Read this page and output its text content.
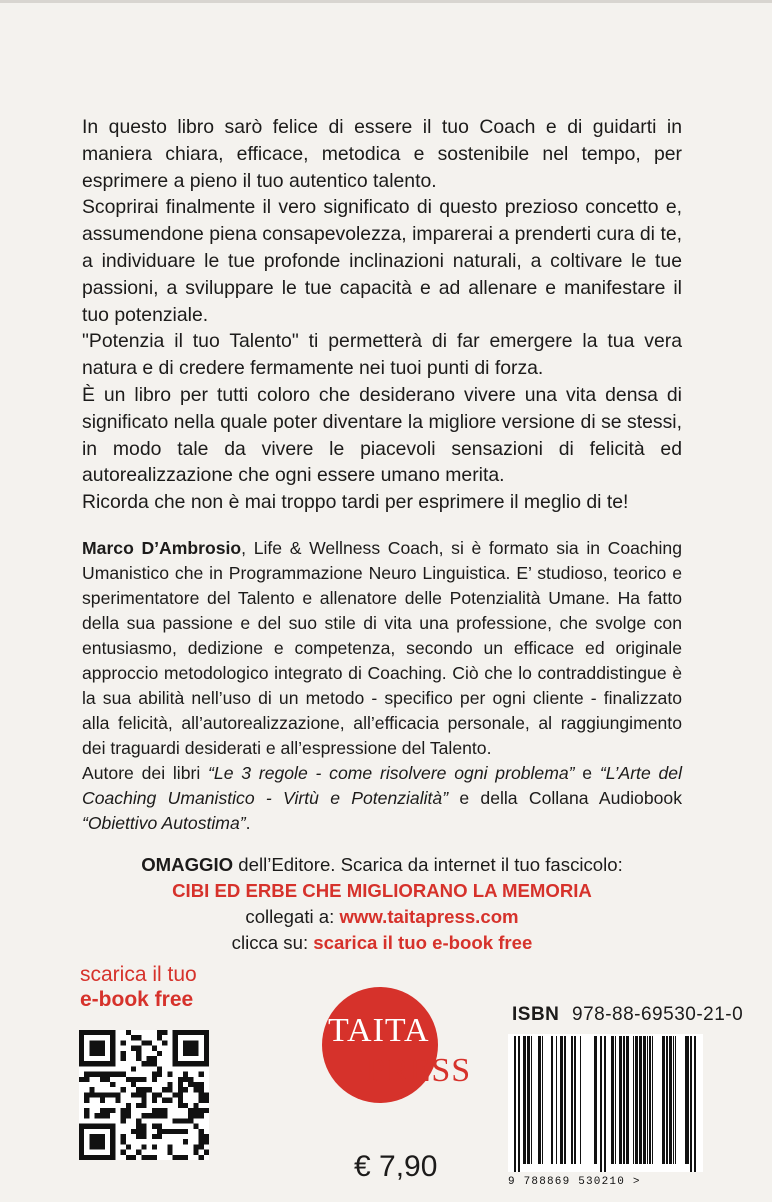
In questo libro sarò felice di essere il tuo Coach e di guidarti in maniera chiara, efficace, metodica e sostenibile nel tempo, per esprimere a pieno il tuo autentico talento.

Scoprirai finalmente il vero significato di questo prezioso concetto e, assumendone piena consapevolezza, imparerai a prenderti cura di te, a individuare le tue profonde inclinazioni naturali, a coltivare le tue passioni, a sviluppare le tue capacità e ad allenare e manifestare il tuo potenziale.

"Potenzia il tuo Talento" ti permetterà di far emergere la tua vera natura e di credere fermamente nei tuoi punti di forza.

È un libro per tutti coloro che desiderano vivere una vita densa di significato nella quale poter diventare la migliore versione di se stessi, in modo tale da vivere le piacevoli sensazioni di felicità ed autorealizzazione che ogni essere umano merita.

Ricorda che non è mai troppo tardi per esprimere il meglio di te!

Marco D’Ambrosio, Life & Wellness Coach, si è formato sia in Coaching Umanistico che in Programmazione Neuro Linguistica. E’ studioso, teorico e sperimentatore del Talento e allenatore delle Potenzialità Umane. Ha fatto della sua passione e del suo stile di vita una professione, che svolge con entusiasmo, dedizione e competenza, secondo un efficace ed originale approccio metodologico integrato di Coaching. Ciò che lo contraddistingue è la sua abilità nell’uso di un metodo - specifico per ogni cliente - finalizzato alla felicità, all’autorealizzazione, all’efficacia personale, al raggiungimento dei traguardi desiderati e all’espressione del Talento.

Autore dei libri “Le 3 regole - come risolvere ogni problema” e “L’Arte del Coaching Umanistico - Virtù e Potenzialità” e della Collana Audiobook “Obiettivo Autostima”.

OMAGGIO dell’Editore. Scarica da internet il tuo fascicolo:
CIBI ED ERBE CHE MIGLIORANO LA MEMORIA
collegati a: www.taitapress.com
clicca su: scarica il tuo e-book free
scarica il tuo
e-book free
TAITA
PRESS
€ 7,90
ISBN 978-88-69530-21-0
9 788869 530210 >
